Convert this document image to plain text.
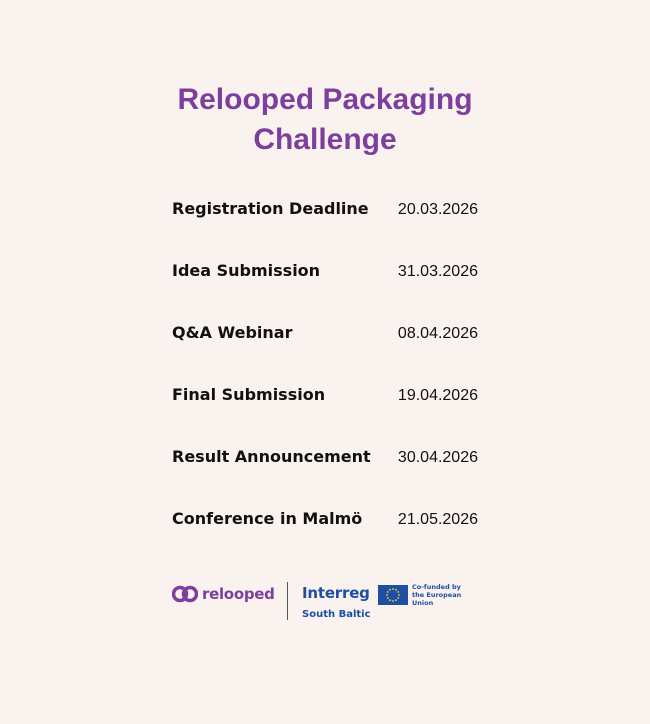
Relooped Packaging
Challenge
Registration Deadline 20.03.2026
Idea Submission	31.03.2026
Q&A Webinar	08.04.2026
Final Submission	19.04.2026
Result Announcement 30.04.2026
Conference in Malmö 21.05.2026
relooped Interreg
South Baltic
Co-funded by
the European Union
